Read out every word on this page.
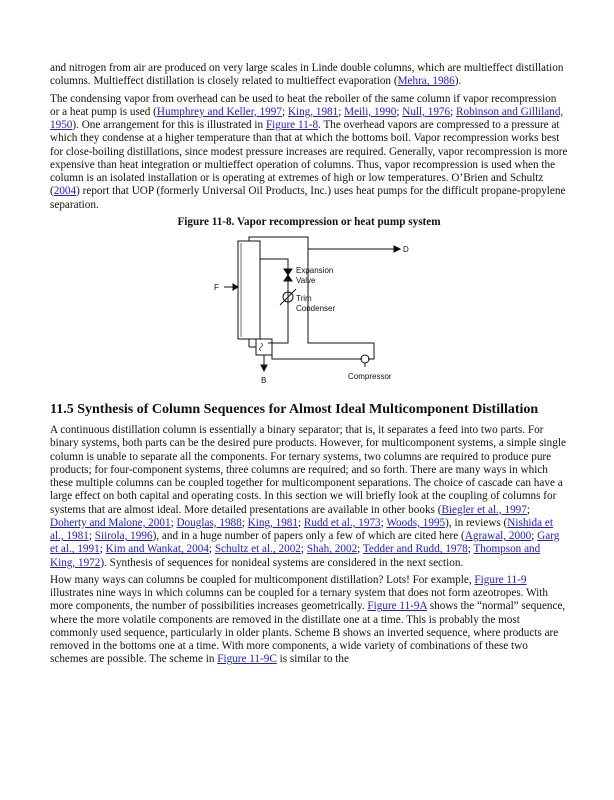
and nitrogen from air are produced on very large scales in Linde double columns, which are multieffect distillation columns. Multieffect distillation is closely related to multieffect evaporation (Mehra, 1986).

The condensing vapor from overhead can be used to heat the reboiler of the same column if vapor recompression or a heat pump is used (Humphrey and Keller, 1997; King, 1981; Meili, 1990; Null, 1976; Robinson and Gilliland, 1950). One arrangement for this is illustrated in Figure 11-8. The overhead vapors are compressed to a pressure at which they condense at a higher temperature than that at which the bottoms boil. Vapor recompression works best for close-boiling distillations, since modest pressure increases are required. Generally, vapor recompression is more expensive than heat integration or multieffect operation of columns. Thus, vapor recompression is used when the column is an isolated installation or is operating at extremes of high or low temperatures. O’Brien and Schultz (2004) report that UOP (formerly Universal Oil Products, Inc.) uses heat pumps for the difficult propane-propylene separation.

Figure 11-8. Vapor recompression or heat pump system
D
F
B
Expansion
Valve
Trim
Condenser
Compressor
11.5 Synthesis of Column Sequences for Almost Ideal Multicomponent Distillation

A continuous distillation column is essentially a binary separator; that is, it separates a feed into two parts. For binary systems, both parts can be the desired pure products. However, for multicomponent systems, a simple single column is unable to separate all the components. For ternary systems, two columns are required to produce pure products; for four-component systems, three columns are required; and so forth. There are many ways in which these multiple columns can be coupled together for multicomponent separations. The choice of cascade can have a large effect on both capital and operating costs. In this section we will briefly look at the coupling of columns for systems that are almost ideal. More detailed presentations are available in other books (Biegler et al., 1997; Doherty and Malone, 2001; Douglas, 1988; King, 1981; Rudd et al., 1973; Woods, 1995), in reviews (Nishida et al., 1981; Siirola, 1996), and in a huge number of papers only a few of which are cited here (Agrawal, 2000; Garg et al., 1991; Kim and Wankat, 2004; Schultz et al., 2002; Shah, 2002; Tedder and Rudd, 1978; Thompson and King, 1972). Synthesis of sequences for nonideal systems are considered in the next section.

How many ways can columns be coupled for multicomponent distillation? Lots! For example, Figure 11-9 illustrates nine ways in which columns can be coupled for a ternary system that does not form azeotropes. With more components, the number of possibilities increases geometrically. Figure 11-9A shows the “normal” sequence, where the more volatile components are removed in the distillate one at a time. This is probably the most commonly used sequence, particularly in older plants. Scheme B shows an inverted sequence, where products are removed in the bottoms one at a time. With more components, a wide variety of combinations of these two schemes are possible. The scheme in Figure 11-9C is similar to the
